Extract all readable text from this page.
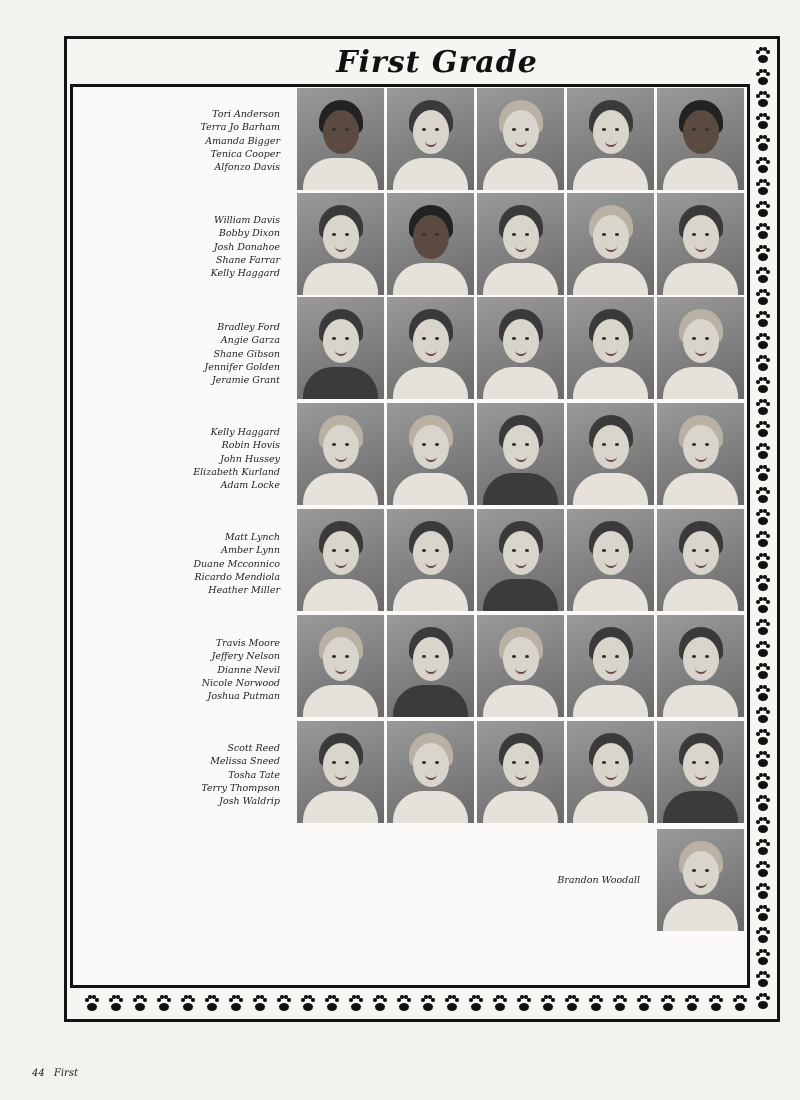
First Grade
Tori Anderson
Terra Jo Barham
Amanda Bigger
Tenica Cooper
Alfonzo Davis
William Davis
Bobby Dixon
Josh Donahoe
Shane Farrar
Kelly Haggard
Bradley Ford
Angie Garza
Shane Gibson
Jennifer Golden
Jeramie Grant
Kelly Haggard
Robin Hovis
John Hussey
Elizabeth Kurland
Adam Locke
Matt Lynch
Amber Lynn
Duane Mcconnico
Ricardo Mendiola
Heather Miller
Travis Moore
Jeffery Nelson
Dianne Nevil
Nicole Norwood
Joshua Putman
Scott Reed
Melissa Sneed
Tosha Tate
Terry Thompson
Josh Waldrip
Brandon Woodall
44 First
